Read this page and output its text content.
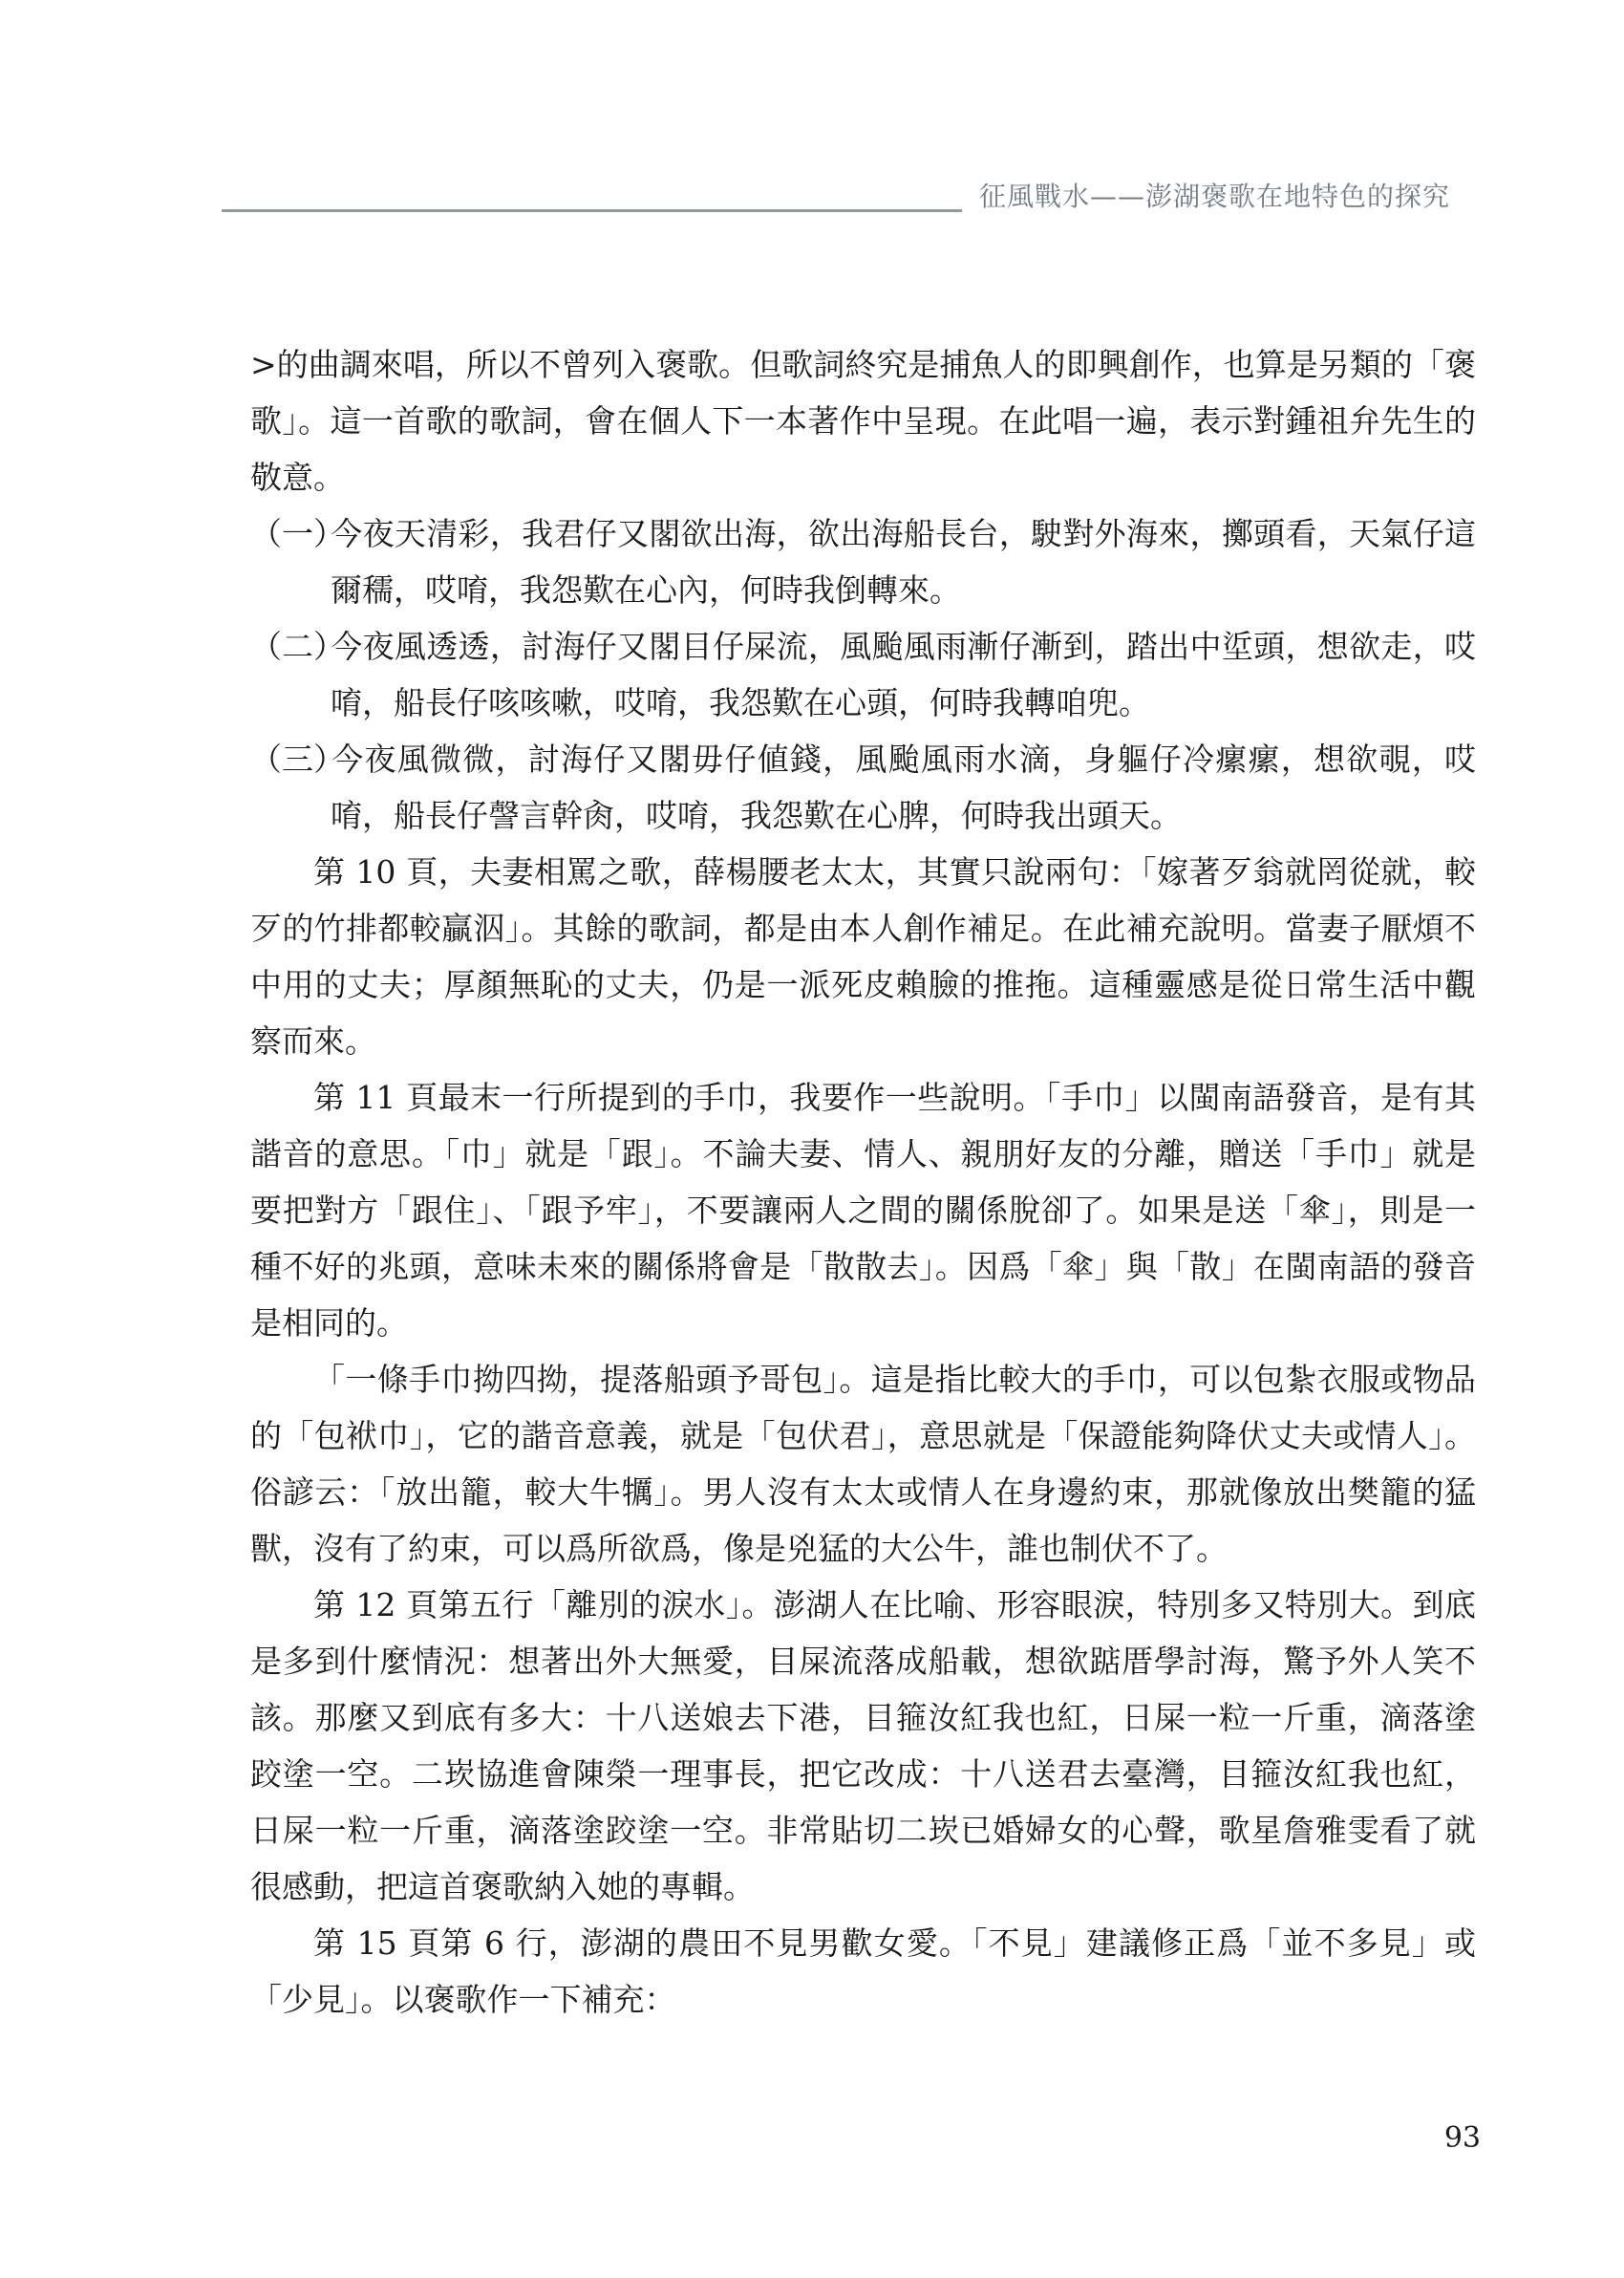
征風戰水——澎湖褒歌在地特色的探究

>的曲調來唱，所以不曾列入褒歌。但歌詞終究是捕魚人的即興創作，也算是另類的「褒歌」。這一首歌的歌詞，會在個人下一本著作中呈現。在此唱一遍，表示對鍾祖弁先生的敬意。

（一）今夜天清彩，我君仔又閣欲出海，欲出海船長台，駛對外海來，擲頭看，天氣仔這爾穤，哎唷，我怨歎在心內，何時我倒轉來。

（二）今夜風透透，討海仔又閣目仔屎流，風颱風雨漸仔漸到，踏出中垽頭，想欲走，哎唷，船長仔咳咳嗽，哎唷，我怨歎在心頭，何時我轉咱兜。

（三）今夜風微微，討海仔又閣毋仔値錢，風颱風雨水滴，身軀仔冷瘰瘰，想欲覗，哎唷，船長仔謦言幹肏，哎唷，我怨歎在心脾，何時我出頭天。

第 10 頁，夫妻相罵之歌，薛楊腰老太太，其實只說兩句：「嫁著歹翁就罔從就，較歹的竹排都較贏泅」。其餘的歌詞，都是由本人創作補足。在此補充說明。當妻子厭煩不中用的丈夫；厚顏無恥的丈夫，仍是一派死皮賴臉的推拖。這種靈感是從日常生活中觀察而來。

第 11 頁最末一行所提到的手巾，我要作一些說明。「手巾」以閩南語發音，是有其諧音的意思。「巾」就是「跟」。不論夫妻、情人、親朋好友的分離，贈送「手巾」就是要把對方「跟住」、「跟予牢」，不要讓兩人之間的關係脫卻了。如果是送「傘」，則是一種不好的兆頭，意味未來的關係將會是「散散去」。因爲「傘」與「散」在閩南語的發音是相同的。

「一條手巾拗四拗，提落船頭予哥包」。這是指比較大的手巾，可以包紮衣服或物品的「包袱巾」，它的諧音意義，就是「包伏君」，意思就是「保證能夠降伏丈夫或情人」。俗諺云：「放出籠，較大牛犡」。男人沒有太太或情人在身邊約束，那就像放出樊籠的猛獸，沒有了約束，可以爲所欲爲，像是兇猛的大公牛，誰也制伏不了。

第 12 頁第五行「離別的淚水」。澎湖人在比喻、形容眼淚，特別多又特別大。到底是多到什麼情況：想著出外大無愛，目屎流落成船載，想欲踮厝學討海，驚予外人笑不該。那麼又到底有多大：十八送娘去下港，目箍汝紅我也紅，日屎一粒一斤重，滴落塗跤塗一空。二崁協進會陳榮一理事長，把它改成：十八送君去臺灣，目箍汝紅我也紅，日屎一粒一斤重，滴落塗跤塗一空。非常貼切二崁已婚婦女的心聲，歌星詹雅雯看了就很感動，把這首褒歌納入她的專輯。

第 15 頁第 6 行，澎湖的農田不見男歡女愛。「不見」建議修正爲「並不多見」或「少見」。以褒歌作一下補充：

93
